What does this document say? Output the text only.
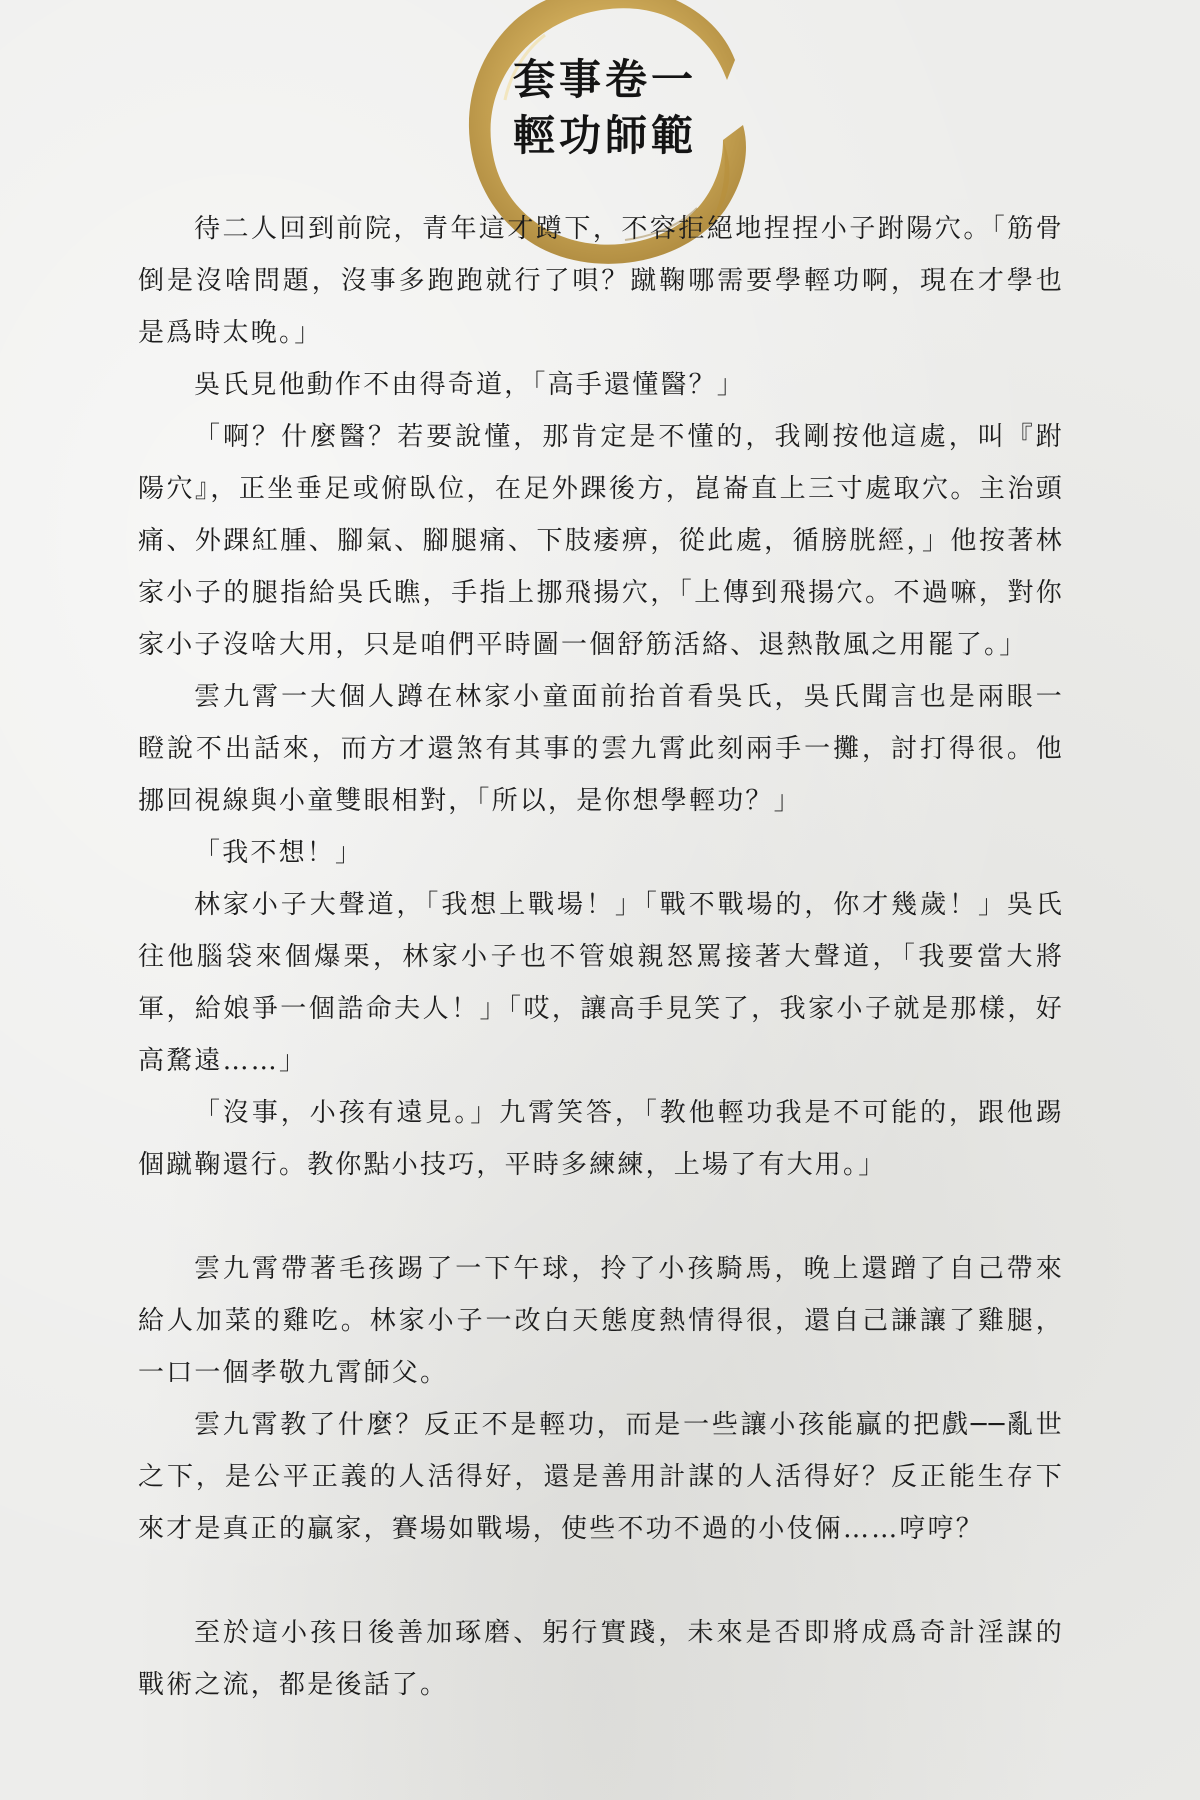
套事卷一
輕功師範

待二人回到前院，青年這才蹲下，不容拒絕地捏捏小子跗陽穴。「筋骨倒是沒啥問題，沒事多跑跑就行了唄？蹴鞠哪需要學輕功啊，現在才學也是爲時太晚。」

吳氏見他動作不由得奇道，「高手還懂醫？」

「啊？什麼醫？若要說懂，那肯定是不懂的，我剛按他這處，叫『跗陽穴』，正坐垂足或俯臥位，在足外踝後方，崑崙直上三寸處取穴。主治頭痛、外踝紅腫、腳氣、腳腿痛、下肢痿痹，從此處，循膀胱經，」他按著林家小子的腿指給吳氏瞧，手指上挪飛揚穴，「上傳到飛揚穴。不過嘛，對你家小子沒啥大用，只是咱們平時圖一個舒筋活絡、退熱散風之用罷了。」

雲九霄一大個人蹲在林家小童面前抬首看吳氏，吳氏聞言也是兩眼一瞪說不出話來，而方才還煞有其事的雲九霄此刻兩手一攤，討打得很。他挪回視線與小童雙眼相對，「所以，是你想學輕功？」

「我不想！」

林家小子大聲道，「我想上戰場！」「戰不戰場的，你才幾歲！」吳氏往他腦袋來個爆栗，林家小子也不管娘親怒罵接著大聲道，「我要當大將軍，給娘爭一個誥命夫人！」「哎，讓高手見笑了，我家小子就是那樣，好高騖遠……」

「沒事，小孩有遠見。」九霄笑答，「教他輕功我是不可能的，跟他踢個蹴鞠還行。教你點小技巧，平時多練練，上場了有大用。」

雲九霄帶著毛孩踢了一下午球，拎了小孩騎馬，晚上還蹭了自己帶來給人加菜的雞吃。林家小子一改白天態度熱情得很，還自己謙讓了雞腿，一口一個孝敬九霄師父。

雲九霄教了什麼？反正不是輕功，而是一些讓小孩能贏的把戲──亂世之下，是公平正義的人活得好，還是善用計謀的人活得好？反正能生存下來才是真正的贏家，賽場如戰場，使些不功不過的小伎倆……哼哼？

至於這小孩日後善加琢磨、躬行實踐，未來是否即將成爲奇計淫謀的戰術之流，都是後話了。
